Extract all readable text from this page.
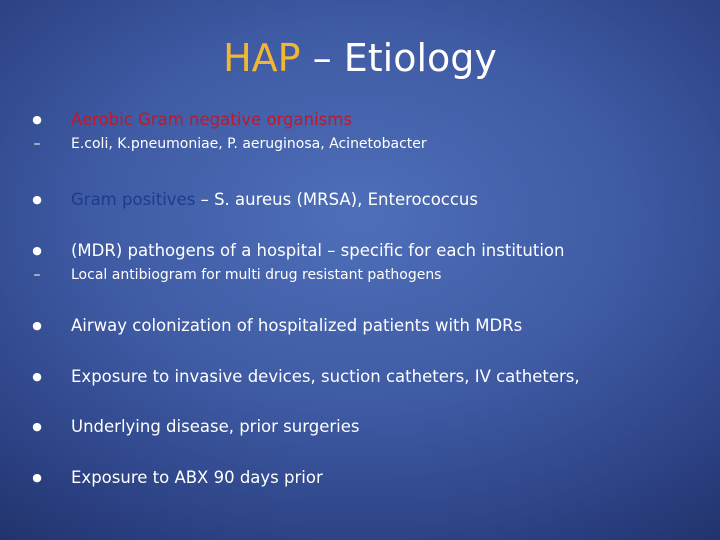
HAP – Etiology
● Aerobic Gram negative organisms
– E.coli, K.pneumoniae, P. aeruginosa, Acinetobacter
● Gram positives – S. aureus (MRSA), Enterococcus
● (MDR) pathogens of a hospital – specific for each institution
– Local antibiogram for multi drug resistant pathogens
● Airway colonization of hospitalized patients with MDRs
● Exposure to invasive devices, suction catheters, IV catheters,
● Underlying disease, prior surgeries
● Exposure to ABX 90 days prior
